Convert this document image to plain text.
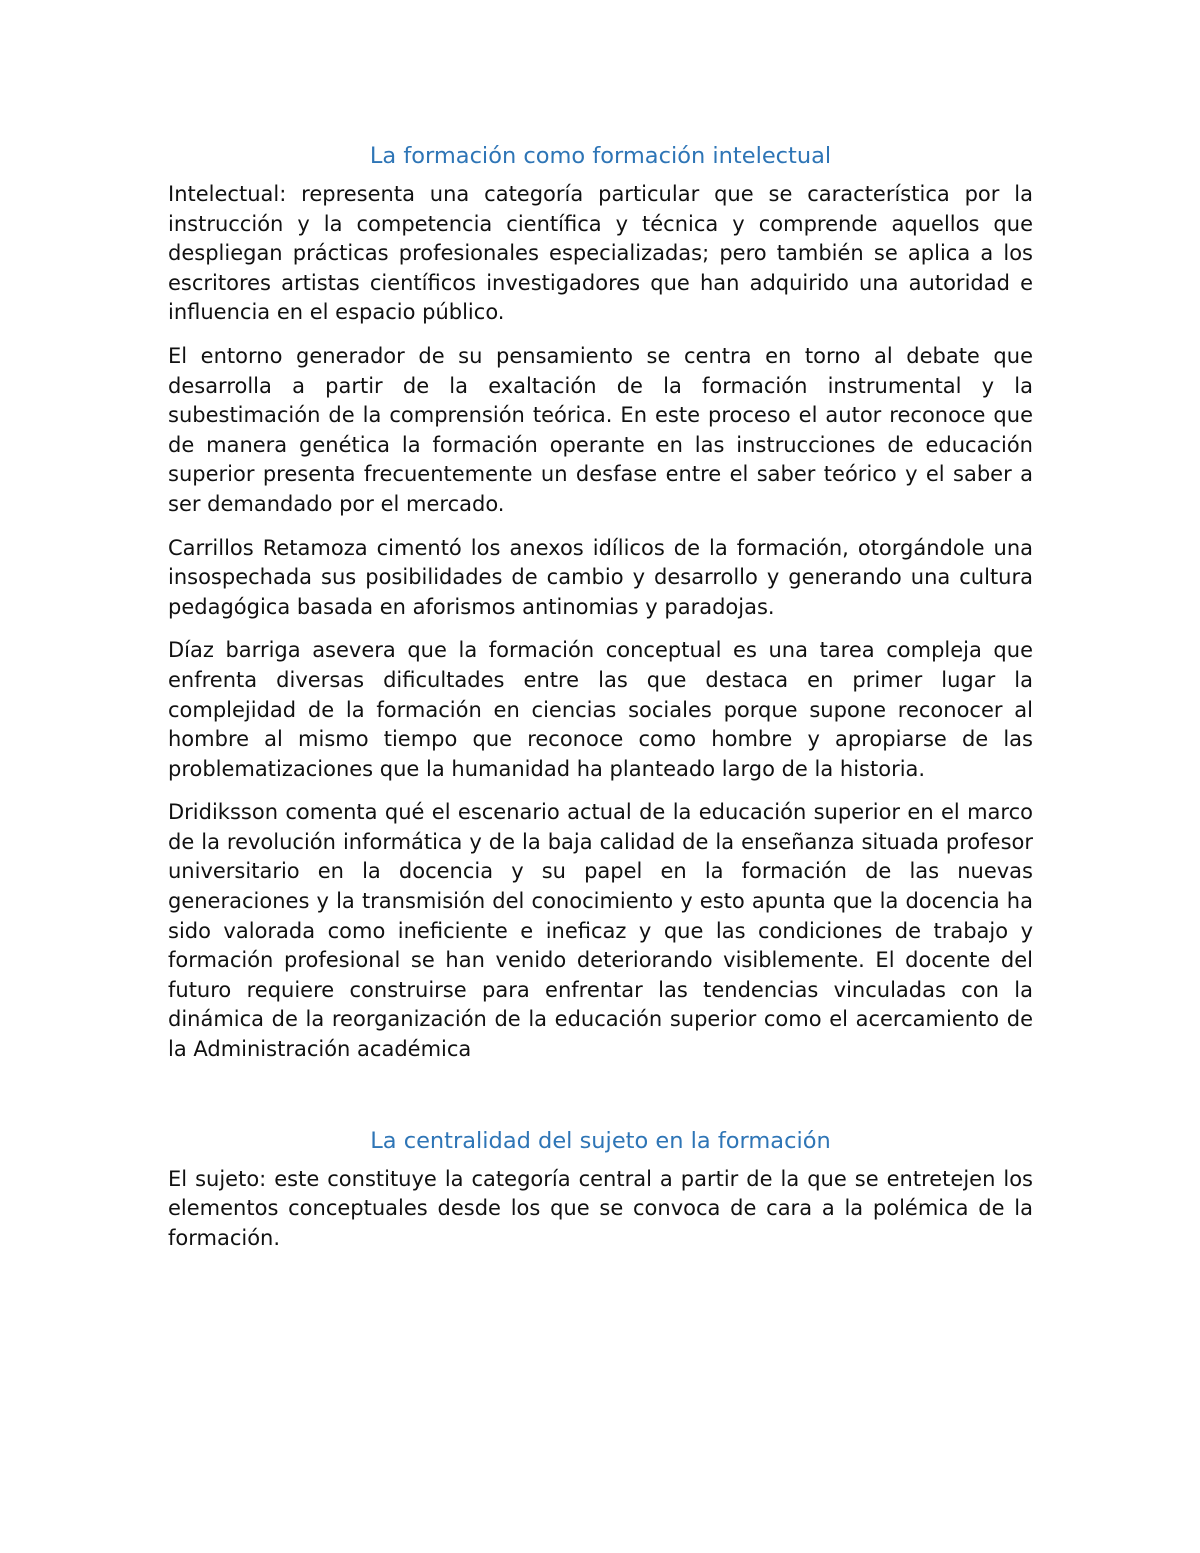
La formación como formación intelectual

Intelectual: representa una categoría particular que se característica por la instrucción y la competencia científica y técnica y comprende aquellos que despliegan prácticas profesionales especializadas; pero también se aplica a los escritores artistas científicos investigadores que han adquirido una autoridad e influencia en el espacio público.

El entorno generador de su pensamiento se centra en torno al debate que desarrolla a partir de la exaltación de la formación instrumental y la subestimación de la comprensión teórica. En este proceso el autor reconoce que de manera genética la formación operante en las instrucciones de educación superior presenta frecuentemente un desfase entre el saber teórico y el saber a ser demandado por el mercado.

Carrillos Retamoza cimentó los anexos idílicos de la formación, otorgándole una insospechada sus posibilidades de cambio y desarrollo y generando una cultura pedagógica basada en aforismos antinomias y paradojas.

Díaz barriga asevera que la formación conceptual es una tarea compleja que enfrenta diversas dificultades entre las que destaca en primer lugar la complejidad de la formación en ciencias sociales porque supone reconocer al hombre al mismo tiempo que reconoce como hombre y apropiarse de las problematizaciones que la humanidad ha planteado largo de la historia.

Dridiksson comenta qué el escenario actual de la educación superior en el marco de la revolución informática y de la baja calidad de la enseñanza situada profesor universitario en la docencia y su papel en la formación de las nuevas generaciones y la transmisión del conocimiento y esto apunta que la docencia ha sido valorada como ineficiente e ineficaz y que las condiciones de trabajo y formación profesional se han venido deteriorando visiblemente. El docente del futuro requiere construirse para enfrentar las tendencias vinculadas con la dinámica de la reorganización de la educación superior como el acercamiento de la Administración académica

La centralidad del sujeto en la formación

El sujeto: este constituye la categoría central a partir de la que se entretejen los elementos conceptuales desde los que se convoca de cara a la polémica de la formación.
